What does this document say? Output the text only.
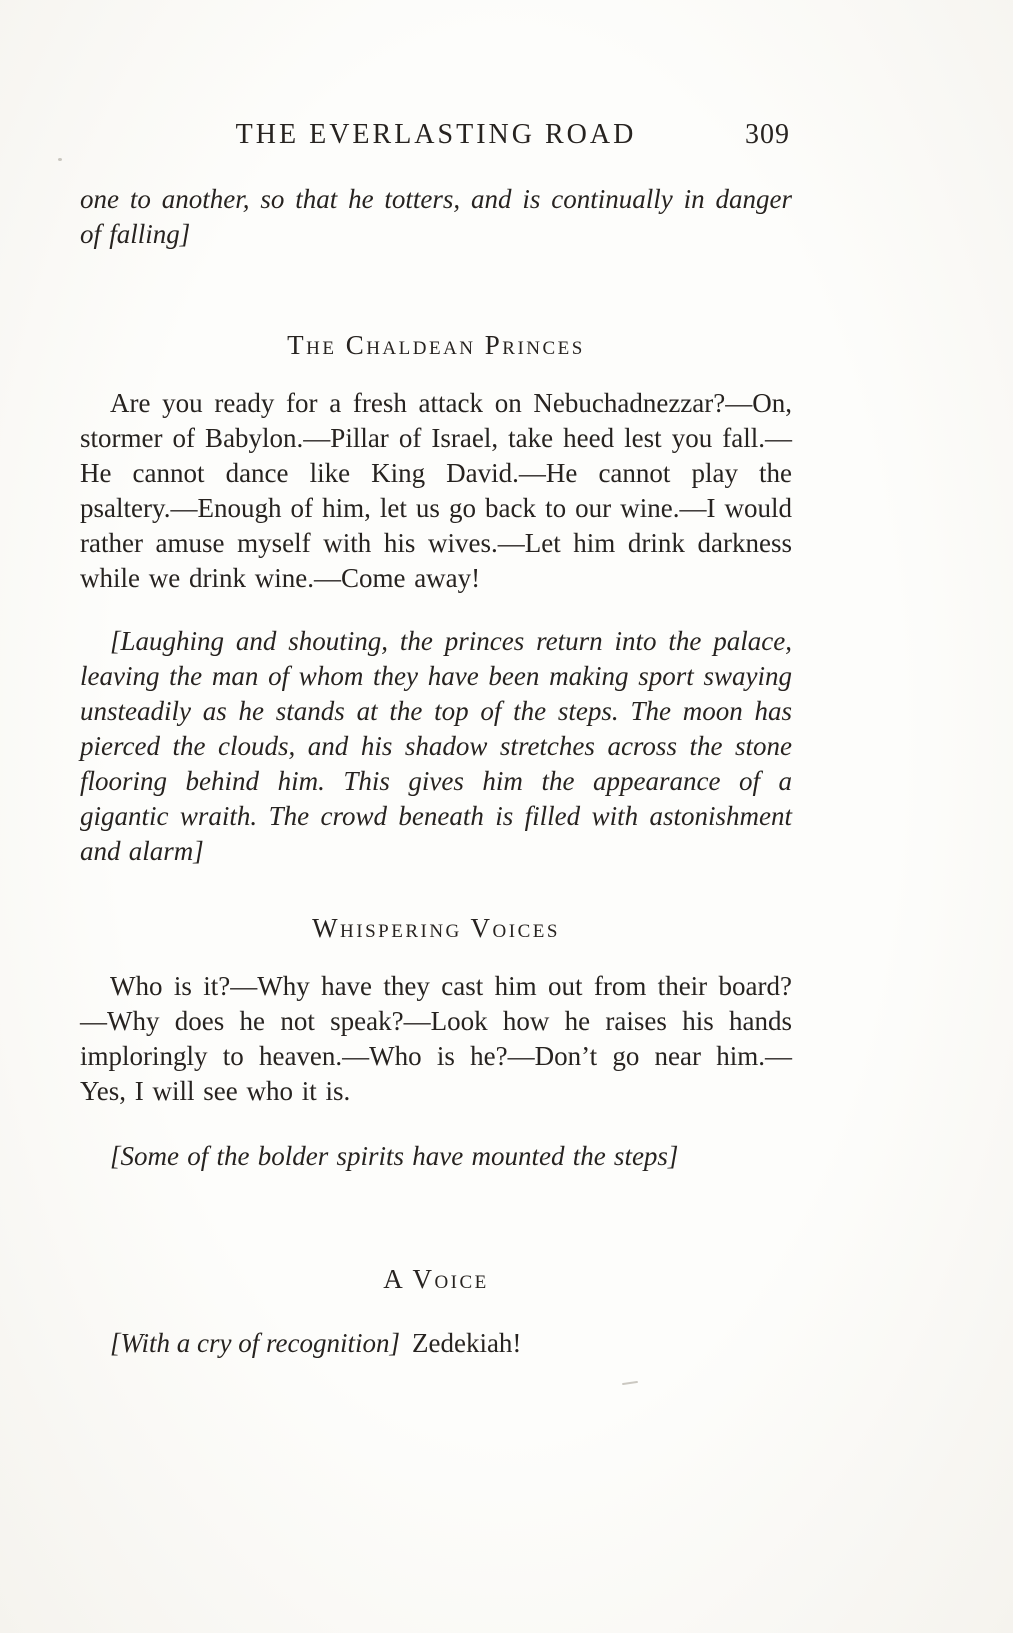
THE EVERLASTING ROAD	309

one to another, so that he totters, and is continually in danger of falling]

The Chaldean Princes

Are you ready for a fresh attack on Nebuchadnezzar?—On, stormer of Babylon.—Pillar of Israel, take heed lest you fall.—He cannot dance like King David.—He cannot play the psaltery.—Enough of him, let us go back to our wine.—I would rather amuse myself with his wives.—Let him drink darkness while we drink wine.—Come away!

[Laughing and shouting, the princes return into the palace, leaving the man of whom they have been making sport swaying unsteadily as he stands at the top of the steps. The moon has pierced the clouds, and his shadow stretches across the stone flooring behind him. This gives him the appearance of a gigantic wraith. The crowd beneath is filled with astonishment and alarm]

Whispering Voices

Who is it?—Why have they cast him out from their board?—Why does he not speak?—Look how he raises his hands imploringly to heaven.—Who is he?—Don’t go near him.—Yes, I will see who it is.

[Some of the bolder spirits have mounted the steps]

A Voice

[With a cry of recognition] Zedekiah!
